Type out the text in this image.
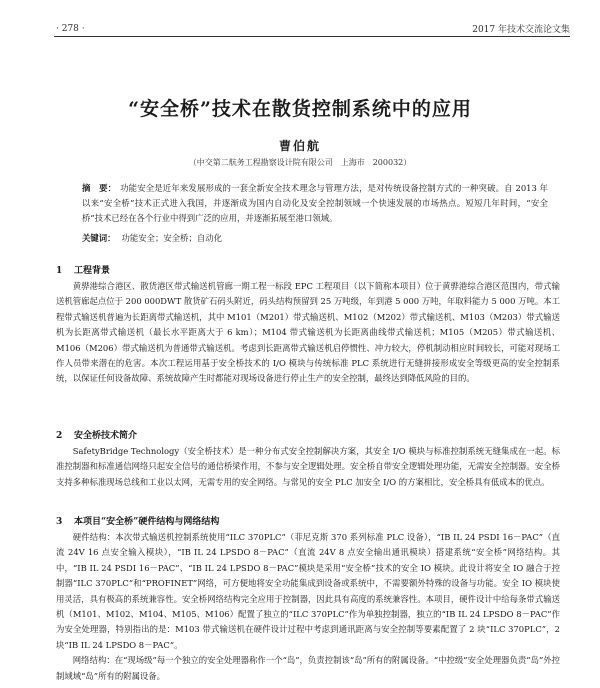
· 278 ·	2017 年技术交流论文集
“安全桥”技术在散货控制系统中的应用
曹伯航
（中交第二航务工程勘察设计院有限公司　上海市　200032）
摘　要： 功能安全是近年来发展形成的一套全新安全技术理念与管理方法，是对传统设备控制方式的一种突破。自 2013 年以来“安全桥”技术正式进入我国，并逐渐成为国内自动化及安全控制领域一个快速发展的市场热点。短短几年时间，“安全桥”技术已经在各个行业中得到广泛的应用，并逐渐拓展至港口领域。
关键词： 功能安全；安全桥；自动化
1 工程背景

黄骅港综合港区、散货港区带式输送机管廊一期工程一标段 EPC 工程项目（以下简称本项目）位于黄骅港综合港区范围内，带式输送机管廊起点位于 200 000DWT 散货矿石码头附近，码头结构预留到 25 万吨级，年到港 5 000 万吨，年取料能力 5 000 万吨。本工程带式输送机普遍为长距离带式输送机，其中 M101（M201）带式输送机、M102（M202）带式输送机、M103（M203）带式输送机为长距离带式输送机（最长水平距离大于 6 km）；M104 带式输送机为长距离曲线带式输送机；M105（M205）带式输送机、M106（M206）带式输送机为普通带式输送机。考虑到长距离带式输送机启停惯性、冲力较大，停机制动相应时间较长，可能对现场工作人员带来潜在的危害。本次工程运用基于安全桥技术的 I/O 模块与传统标准 PLC 系统进行无缝拼接形成安全等级更高的安全控制系统，以保证任何设备故障、系统故障产生时都能对现场设备进行停止生产的安全控制，最终达到降低风险的目的。

2 安全桥技术简介

SafetyBridge Technology（安全桥技术）是一种分布式安全控制解决方案，其安全 I/O 模块与标准控制系统无缝集成在一起。标准控制器和标准通信网络只起安全信号的通信桥梁作用，不参与安全逻辑处理。安全桥自带安全逻辑处理功能，无需安全控制器。安全桥支持多种标准现场总线和工业以太网，无需专用的安全网络。与常见的安全 PLC 加安全 I/O 的方案相比，安全桥具有低成本的优点。

3 本项目“安全桥”硬件结构与网络结构

硬件结构：本次带式输送机控制系统使用“ILC 370PLC”（菲尼克斯 370 系列标准 PLC 设备），“IB IL 24 PSDI 16－PAC”（直流 24V 16 点安全输入模块），“IB IL 24 LPSDO 8－PAC”（直流 24V 8 点安全输出通讯模块）搭建系统“安全桥”网络结构。其中，“IB IL 24 PSDI 16－PAC”、“IB IL 24 LPSDO 8－PAC”模块是采用“安全桥”技术的安全 IO 模块。此设计将安全 IO 融合于控制器“ILC 370PLC”和“PROFINET”网络，可方便地将安全功能集成到设备或系统中，不需要额外特殊的设备与功能。安全 IO 模块使用灵活，具有极高的系统兼容性。安全桥网络结构完全应用于控制器，因此具有高度的系统兼容性。本项目，硬件设计中给每条带式输送机（M101、M102、M104、M105、M106）配置了独立的“ILC 370PLC”作为单独控制器，独立的“IB IL 24 LPSDO 8－PAC”作为安全处理器，特别指出的是：M103 带式输送机在硬件设计过程中考虑到通讯距离与安全控制等要素配置了 2 块“ILC 370PLC”，2 块“IB IL 24 LPSDO 8－PAC”。

网络结构：在“现场级”每一个独立的安全处理器称作一个“岛”，负责控制该“岛”所有的附属设备。“中控级”安全处理器负责“岛”外控制域域“岛”所有的附属设备。
